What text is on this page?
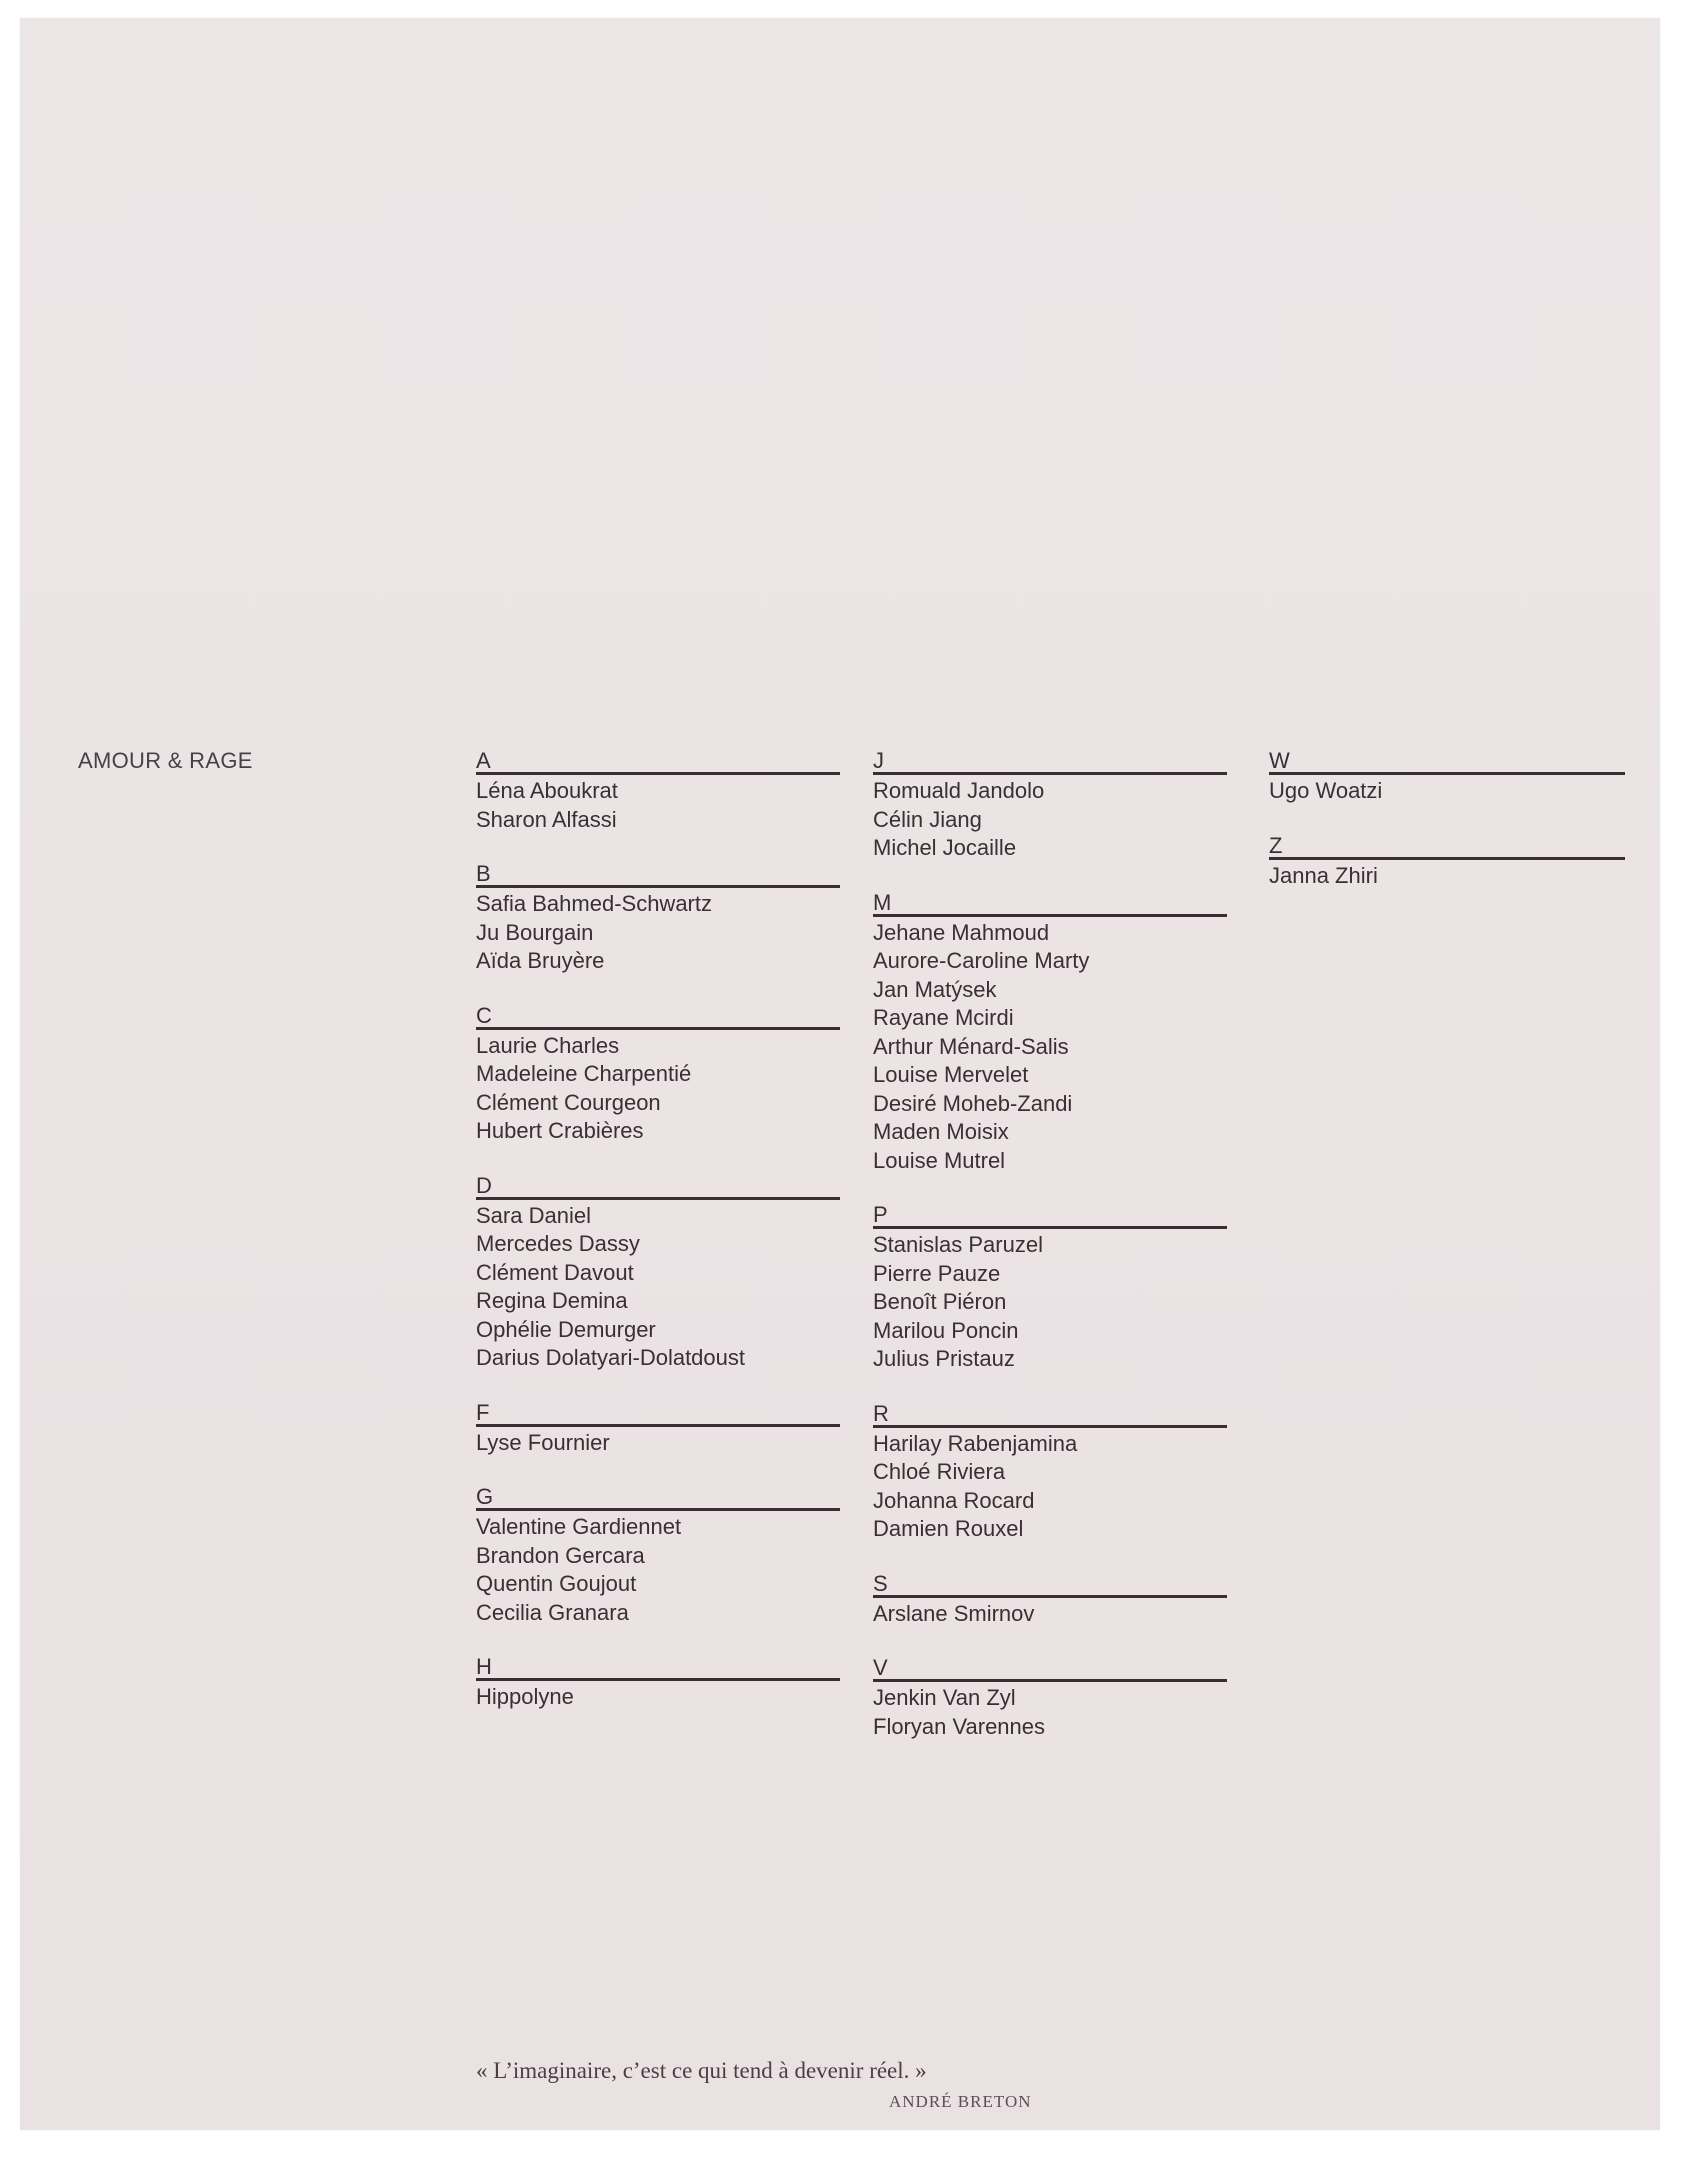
AMOUR & RAGE	A
Léna Aboukrat
Sharon Alfassi
B
Safia Bahmed-Schwartz
Ju Bourgain
Aïda Bruyère
C
Laurie Charles
Madeleine Charpentié
Clément Courgeon
Hubert Crabières
D
Sara Daniel
Mercedes Dassy
Clément Davout
Regina Demina
Ophélie Demurger
Darius Dolatyari-Dolatdoust
F
Lyse Fournier
G
Valentine Gardiennet
Brandon Gercara
Quentin Goujout
Cecilia Granara
H
Hippolyne
J
Romuald Jandolo
Célin Jiang
Michel Jocaille
M
Jehane Mahmoud
Aurore-Caroline Marty
Jan Matýsek
Rayane Mcirdi
Arthur Ménard-Salis
Louise Mervelet
Desiré Moheb-Zandi
Maden Moisix
Louise Mutrel
P
Stanislas Paruzel
Pierre Pauze
Benoît Piéron
Marilou Poncin
Julius Pristauz
R
Harilay Rabenjamina
Chloé Riviera
Johanna Rocard
Damien Rouxel
S
Arslane Smirnov
V
Jenkin Van Zyl
Floryan Varennes
W
Ugo Woatzi
Z
Janna Zhiri
« L’imaginaire, c’est ce qui tend à devenir réel. »
ANDRÉ BRETON
